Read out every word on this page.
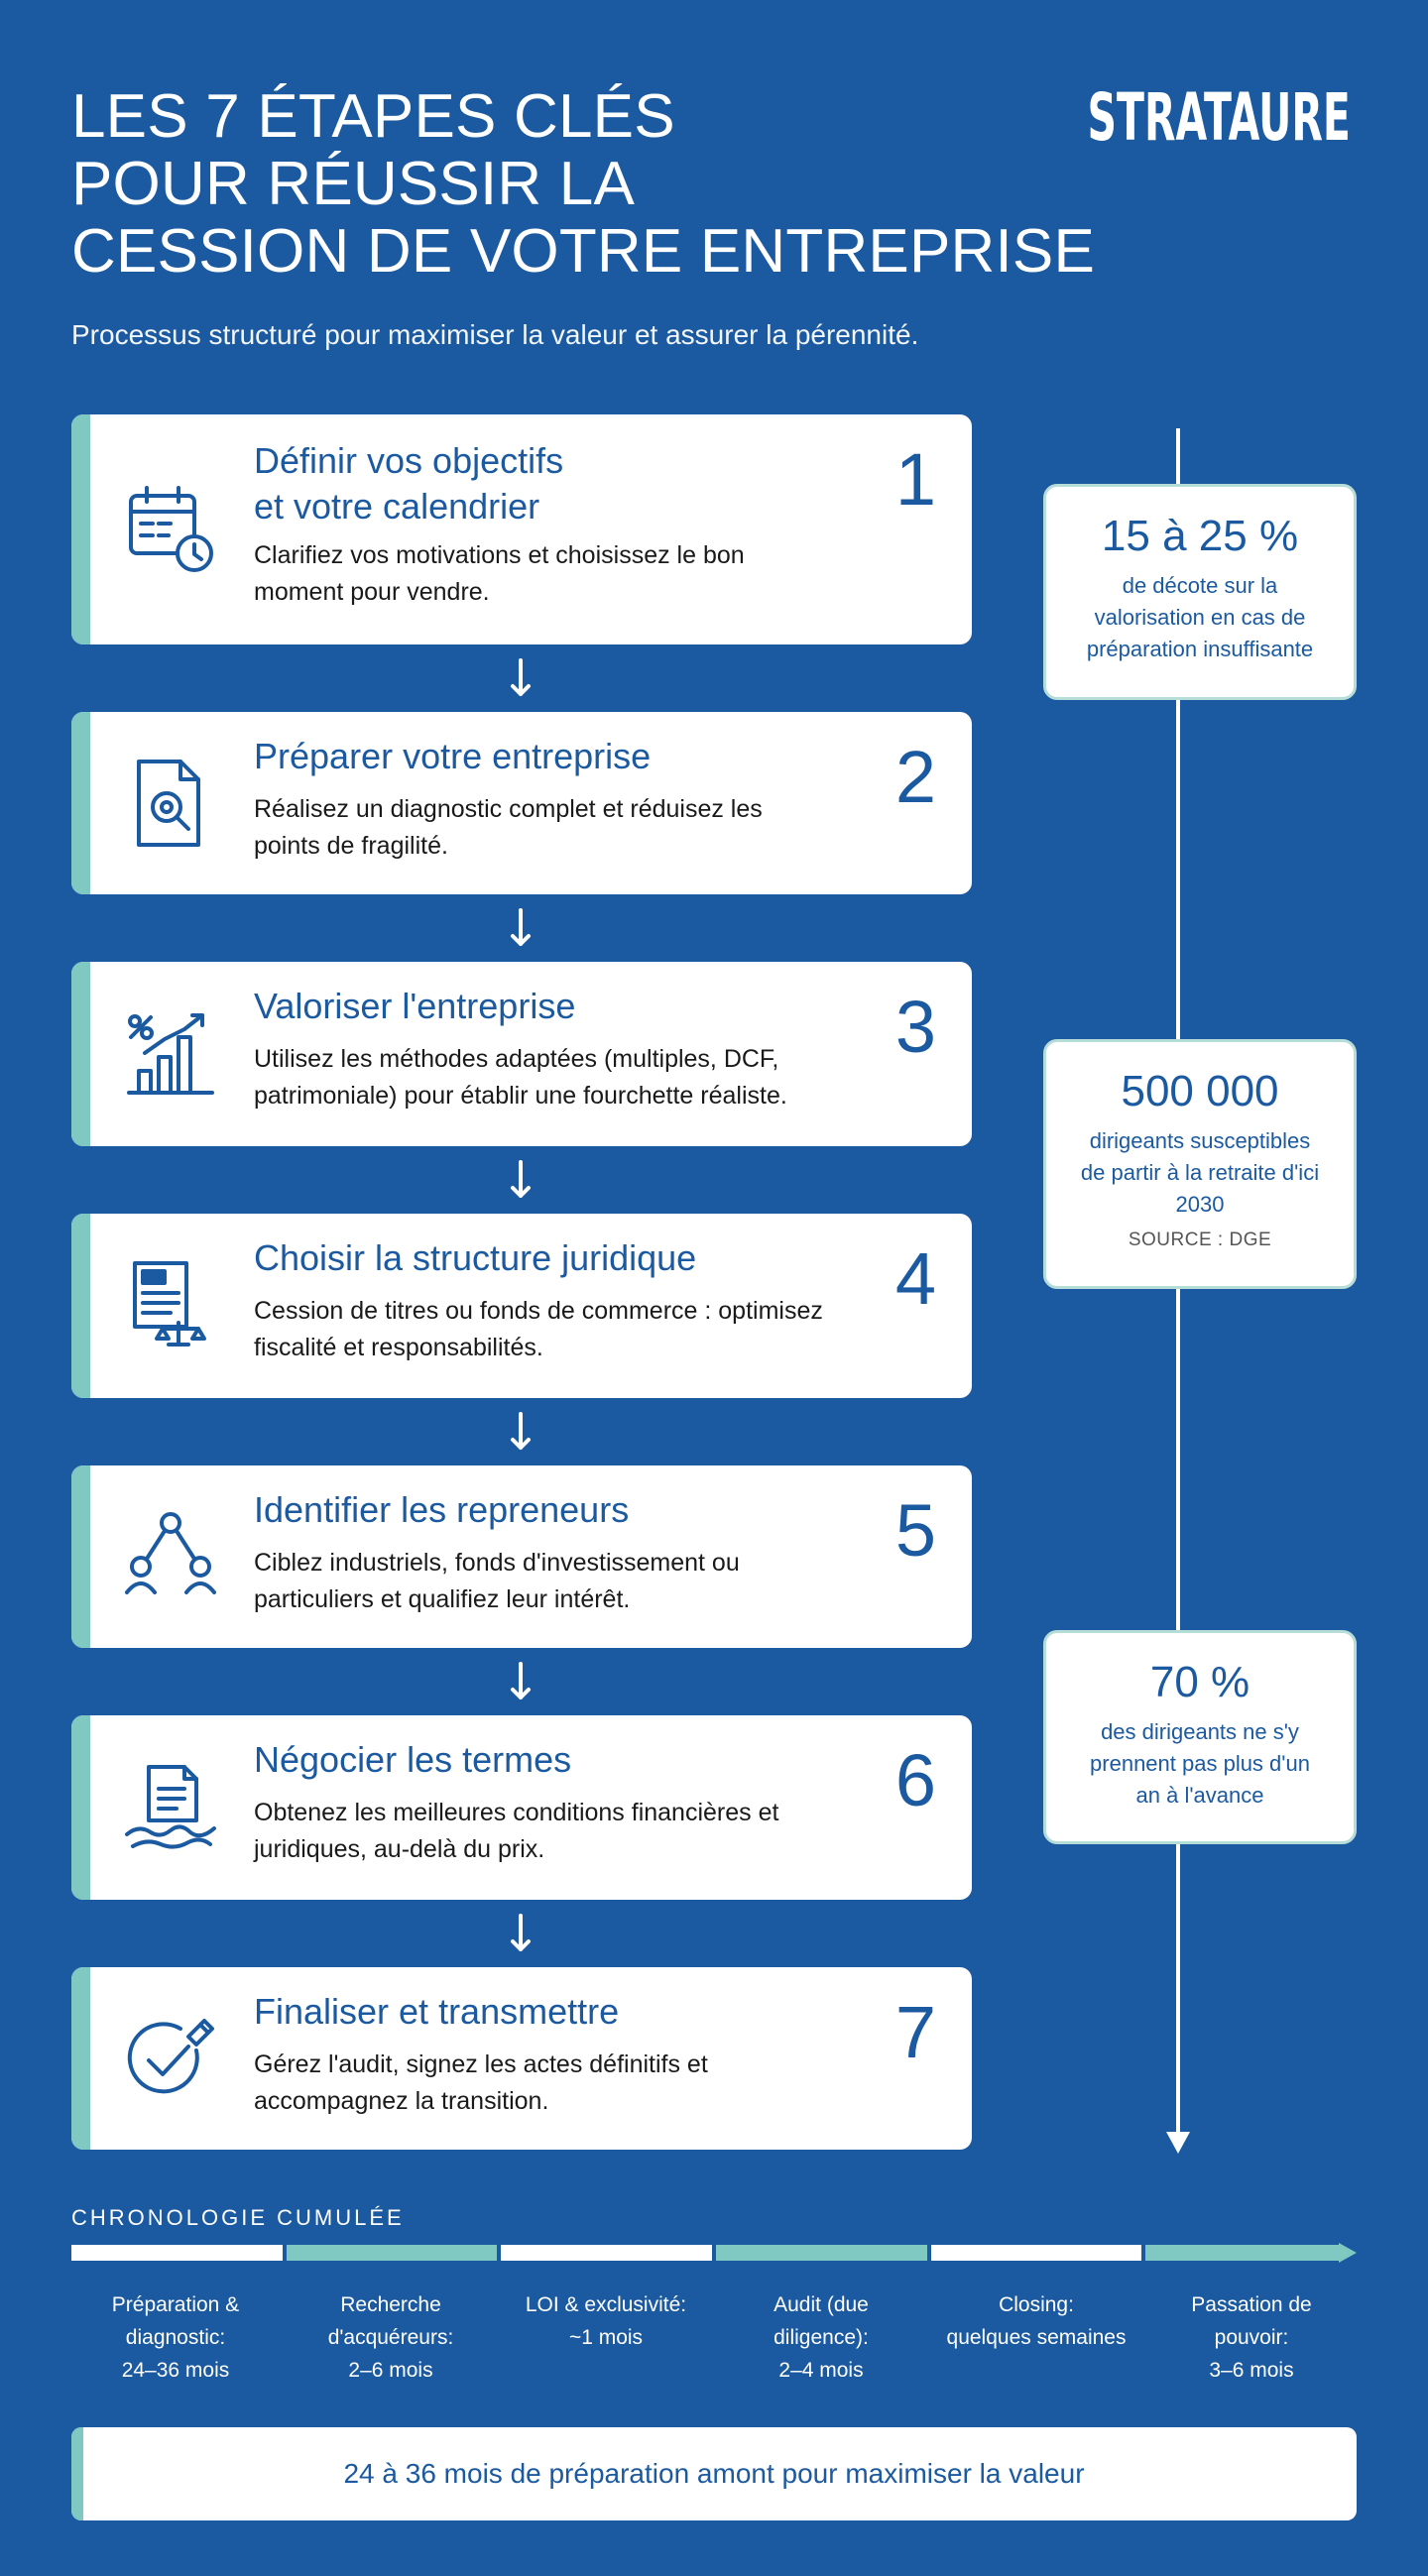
LES 7 ÉTAPES CLÉS
POUR RÉUSSIR LA
CESSION DE VOTRE ENTREPRISE
STRATAURE
Processus structuré pour maximiser la valeur et assurer la pérennité.
Définir vos objectifs
et votre calendrier
Clarifiez vos motivations et choisissez le bon
moment pour vendre.
1
Préparer votre entreprise
Réalisez un diagnostic complet et réduisez les
points de fragilité.
2
Valoriser l'entreprise
Utilisez les méthodes adaptées (multiples, DCF,
patrimoniale) pour établir une fourchette réaliste.
3
Choisir la structure juridique
Cession de titres ou fonds de commerce : optimisez
fiscalité et responsabilités.
4
Identifier les repreneurs
Ciblez industriels, fonds d'investissement ou
particuliers et qualifiez leur intérêt.
5
Négocier les termes
Obtenez les meilleures conditions financières et
juridiques, au-delà du prix.
6
Finaliser et transmettre
Gérez l'audit, signez les actes définitifs et
accompagnez la transition.
7
15 à 25 %
de décote sur la
valorisation en cas de
préparation insuffisante
500 000
dirigeants susceptibles
de partir à la retraite d'ici
2030
SOURCE : DGE
70 %
des dirigeants ne s'y
prennent pas plus d'un
an à l'avance
CHRONOLOGIE CUMULÉE
Préparation &
diagnostic:
24–36 mois
Recherche
d'acquéreurs:
2–6 mois
LOI & exclusivité:
~1 mois
Audit (due
diligence):
2–4 mois
Closing:
quelques semaines
Passation de
pouvoir:
3–6 mois
24 à 36 mois de préparation amont pour maximiser la valeur
